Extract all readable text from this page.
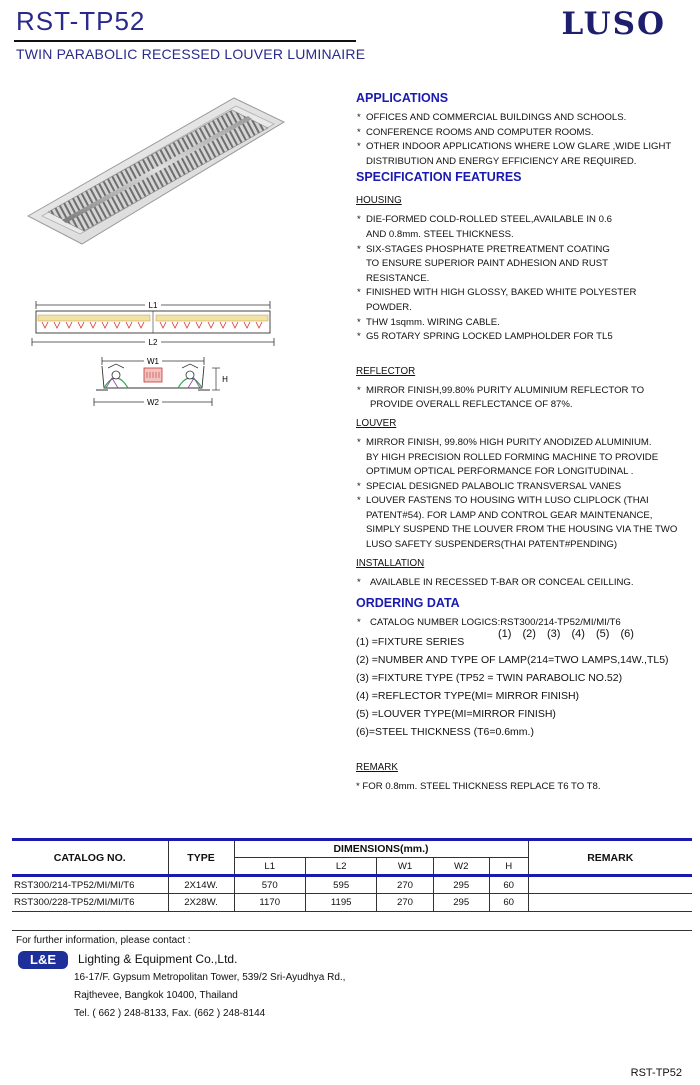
RST-TP52
TWIN PARABOLIC RECESSED LOUVER LUMINAIRE
LUSO
L1
L2
W1
H
W2
APPLICATIONS
* OFFICES AND COMMERCIAL BUILDINGS AND SCHOOLS.
* CONFERENCE ROOMS AND COMPUTER ROOMS.
* OTHER INDOOR APPLICATIONS WHERE LOW GLARE ,WIDE LIGHT
DISTRIBUTION AND ENERGY EFFICIENCY ARE REQUIRED.
SPECIFICATION FEATURES
HOUSING
* DIE-FORMED COLD-ROLLED STEEL,AVAILABLE IN 0.6
AND 0.8mm. STEEL THICKNESS.
* SIX-STAGES PHOSPHATE PRETREATMENT COATING
TO ENSURE SUPERIOR PAINT ADHESION AND RUST
RESISTANCE.
* FINISHED WITH HIGH GLOSSY, BAKED WHITE POLYESTER
POWDER.
* THW 1sqmm. WIRING CABLE.
* G5 ROTARY SPRING LOCKED LAMPHOLDER FOR TL5
REFLECTOR
* MIRROR FINISH,99.80% PURITY ALUMINIUM REFLECTOR TO
PROVIDE OVERALL REFLECTANCE OF 87%.
LOUVER
* MIRROR FINISH, 99.80% HIGH PURITY ANODIZED ALUMINIUM.
BY HIGH PRECISION ROLLED FORMING MACHINE TO PROVIDE
OPTIMUM OPTICAL PERFORMANCE FOR LONGITUDINAL .
* SPECIAL DESIGNED PALABOLIC TRANSVERSAL VANES
* LOUVER FASTENS TO HOUSING WITH LUSO CLIPLOCK (THAI
PATENT#54). FOR LAMP AND CONTROL GEAR MAINTENANCE,
SIMPLY SUSPEND THE LOUVER FROM THE HOUSING VIA THE TWO
LUSO SAFETY SUSPENDERS(THAI PATENT#PENDING)
INSTALLATION
* AVAILABLE IN RECESSED T-BAR OR CONCEAL CEILLING.
ORDERING DATA
* CATALOG NUMBER LOGICS:RST300/214-TP52/MI/MI/T6
(1) (2) (3) (4) (5) (6)
(1) =FIXTURE SERIES
(2) =NUMBER AND TYPE OF LAMP(214=TWO LAMPS,14W.,TL5)
(3) =FIXTURE TYPE (TP52 = TWIN PARABOLIC NO.52)
(4) =REFLECTOR TYPE(MI= MIRROR FINISH)
(5) =LOUVER TYPE(MI=MIRROR FINISH)
(6)=STEEL THICKNESS (T6=0.6mm.)
REMARK
* FOR 0.8mm. STEEL THICKNESS REPLACE T6 TO T8.
CATALOG NO.	TYPE	DIMENSIONS(mm.)					REMARK
		L1	L2	W1	W2	H	
RST300/214-TP52/MI/MI/T6	2X14W.	570	595	270	295	60	
RST300/228-TP52/MI/MI/T6	2X28W.	1170	1195	270	295	60	
For further information, please contact :
L&E	Lighting & Equipment Co.,Ltd.
16-17/F. Gypsum Metropolitan Tower, 539/2 Sri-Ayudhya Rd.,
Rajthevee, Bangkok 10400, Thailand
Tel. ( 662 ) 248-8133, Fax. (662 ) 248-8144
RST-TP52
